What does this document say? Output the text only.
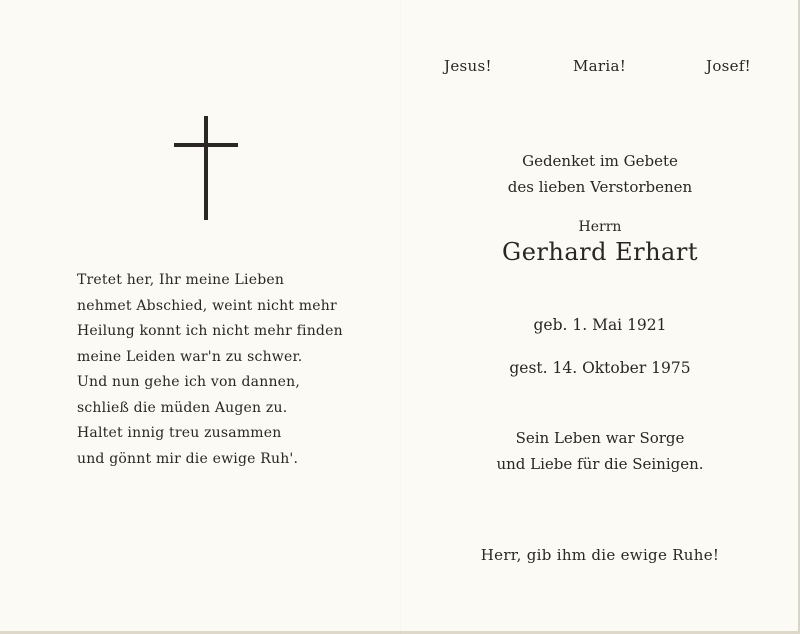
Tretet her, Ihr meine Lieben
nehmet Abschied, weint nicht mehr
Heilung konnt ich nicht mehr finden
meine Leiden war'n zu schwer.
Und nun gehe ich von dannen,
schließ die müden Augen zu.
Haltet innig treu zusammen
und gönnt mir die ewige Ruh'.
Jesus!	Maria!	Josef!
Gedenket im Gebete
des lieben Verstorbenen
Herrn
Gerhard Erhart
geb. 1. Mai 1921
gest. 14. Oktober 1975
Sein Leben war Sorge
und Liebe für die Seinigen.
Herr, gib ihm die ewige Ruhe!
